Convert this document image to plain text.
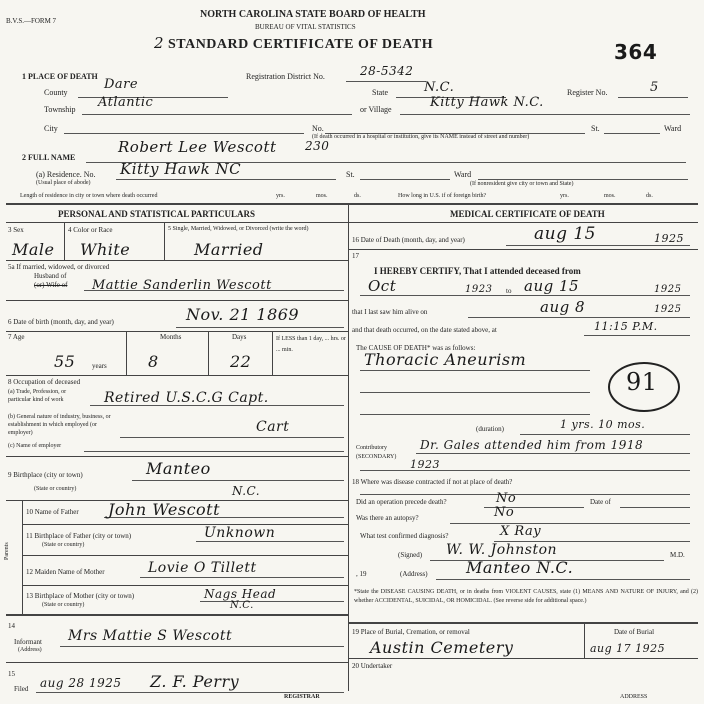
B.V.S.—FORM 7
NORTH CAROLINA STATE BOARD OF HEALTH
BUREAU OF VITAL STATISTICS
2 STANDARD CERTIFICATE OF DEATH	364
1 PLACE OF DEATH
County
Dare
Registration District No.	28-5342
State	N.C.	Register No.	5
Township Atlantic	or Village	Kitty Hawk N.C.
City	No.	St.	Ward
(If death occurred in a hospital or institution, give its NAME instead of street and number)
2 FULL NAME
Robert Lee Wescott 230
(a) Residence. No.
(Usual place of abode)
Kitty Hawk NC	St.	Ward
(If nonresident give city or town and State)
Length of residence in city or town where death occurred	yrs.	mos.	ds.	How long in U.S. if of foreign birth?	yrs.	mos.	ds.
PERSONAL AND STATISTICAL PARTICULARS
3 Sex
Male
4 Color or Race
White
5 Single, Married, Widowed, or Divorced (write the word)
Married
5a If married, widowed, or divorced
Husband of
(or) Wife of Mattie Sanderlin Wescott
6 Date of birth (month, day, and year)	Nov. 21 1869
7 Age
years
Months	Days
55	8	22
If LESS than 1 day, ... hrs. or ... min.
8 Occupation of deceased
(a) Trade, Profession, or particular kind of work	Retired U.S.C.G Capt.
(b) General nature of industry, business, or establishment in which employed (or employer)	Cart
(c) Name of employer
9 Birthplace (city or town)	Manteo
(State or country)	N.C.
Parents
10 Name of Father John Wescott
11 Birthplace of Father (city or town)
(State or country)
Unknown
12 Maiden Name of Mother	Lovie O Tillett
13 Birthplace of Mother (city or town)
(State or country)
Nags Head
N.C.
14
Informant
(Address)
Mrs Mattie S Wescott
15
Filed aug 28 1925 Z. F. Perry
REGISTRAR
MEDICAL CERTIFICATE OF DEATH
16 Date of Death (month, day, and year)	aug 15	1925
17
I HEREBY CERTIFY, That I attended deceased from
Oct	1923 to aug 15	1925
that I last saw him alive on	aug 8	1925
and that death occurred, on the date stated above, at	11:15 P.M.
The CAUSE OF DEATH* was as follows:
Thoracic Aneurism
91
(duration)	1 yrs. 10 mos.
Contributory (SECONDARY)
Dr. Gales attended him from 1918
1923
18 Where was disease contracted if not at place of death?
Did an operation precede death?	No	Date of
Was there an autopsy?	No
What test confirmed diagnosis?	X Ray
(Signed) W. W. Johnston	M.D.
, 19	(Address) Manteo N.C.
*State the DISEASE CAUSING DEATH, or in deaths from VIOLENT CAUSES, state (1) MEANS AND NATURE OF INJURY, and (2) whether ACCIDENTAL, SUICIDAL, OR HOMICIDAL. (See reverse side for additional space.)
19 Place of Burial, Cremation, or removal	Date of Burial
Austin Cemetery	aug 17 1925
20 Undertaker
ADDRESS
